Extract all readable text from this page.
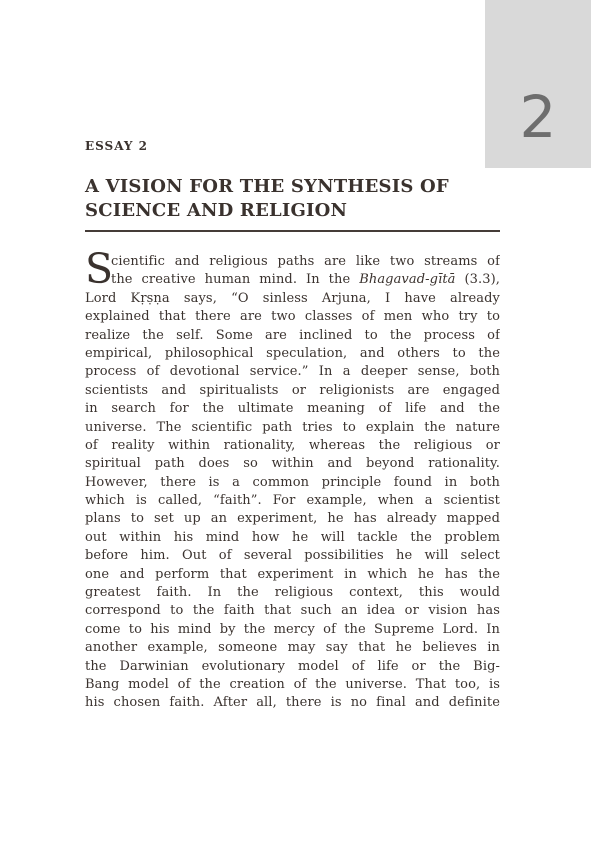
2
ESSAY 2
A VISION FOR THE SYNTHESIS OF
SCIENCE AND RELIGION
S
cientific and religious paths are like two streams of
the creative human mind. In the Bhagavad-gītā (3.3),
Lord Kṛṣṇa says, “O sinless Arjuna, I have already
explained that there are two classes of men who try to
realize the self. Some are inclined to the process of
empirical, philosophical speculation, and others to the
process of devotional service.” In a deeper sense, both
scientists and spiritualists or religionists are engaged
in search for the ultimate meaning of life and the
universe. The scientific path tries to explain the nature
of reality within rationality, whereas the religious or
spiritual path does so within and beyond rationality.
However, there is a common principle found in both
which is called, “faith”. For example, when a scientist
plans to set up an experiment, he has already mapped
out within his mind how he will tackle the problem
before him. Out of several possibilities he will select
one and perform that experiment in which he has the
greatest faith. In the religious context, this would
correspond to the faith that such an idea or vision has
come to his mind by the mercy of the Supreme Lord. In
another example, someone may say that he believes in
the Darwinian evolutionary model of life or the Big-
Bang model of the creation of the universe. That too, is
his chosen faith. After all, there is no final and definite
